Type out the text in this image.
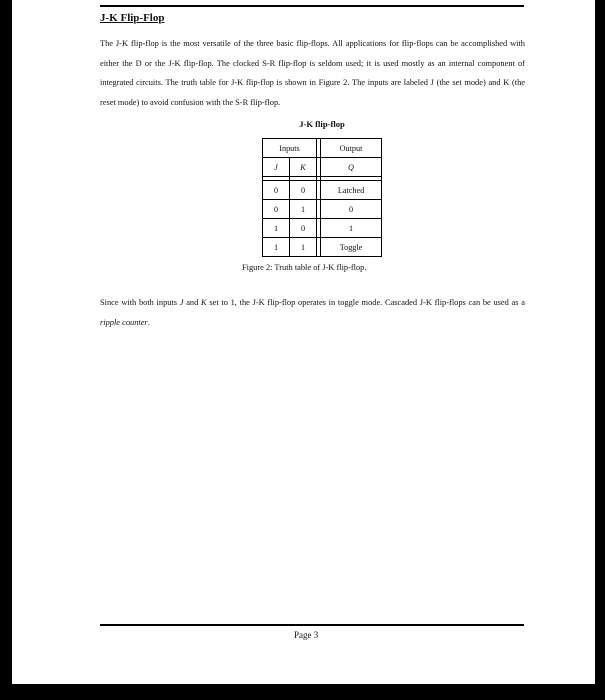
J-K Flip-Flop
The J-K flip-flop is the most versatile of the three basic flip-flops. All applications for flip-flops can be accomplished with either the D or the J-K flip-flop. The clocked S-R flip-flop is seldom used; it is used mostly as an internal component of integrated circuits. The truth table for J-K flip-flop is shown in Figure 2. The inputs are labeled J (the set mode) and K (the reset mode) to avoid confusion with the S-R flip-flop.
J-K flip-flop
Inputs			Output
J	K		Q

0	0		Latched
0	1		0
1	0		1
1	1		Toggle
Figure 2: Truth table of J-K flip-flop.
Since with both inputs J and K set to 1, the J-K flip-flop operates in toggle mode. Cascaded J-K flip-flops can be used as a ripple counter.
Page 3
